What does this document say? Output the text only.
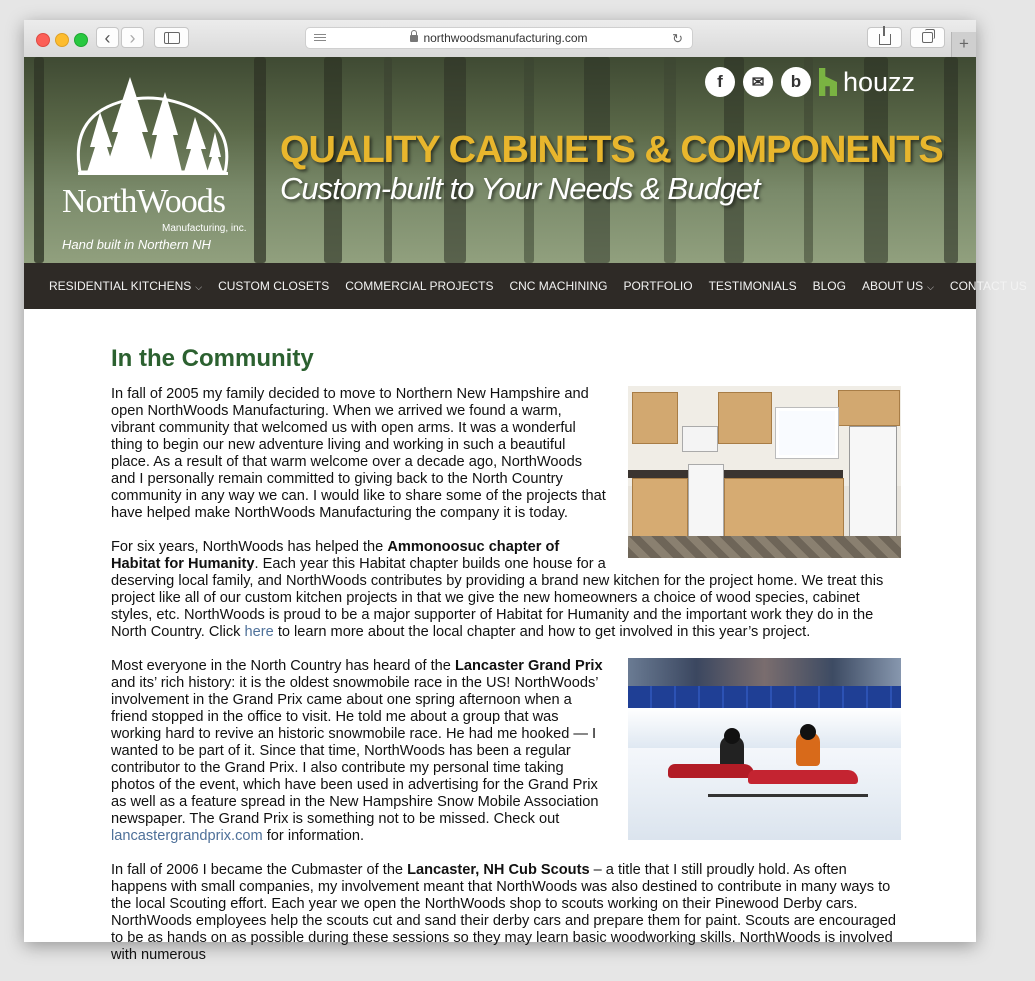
‹ ›	northwoodsmanufacturing.com	↻	+
NorthWoods
Manufacturing, inc.
Hand built in Northern NH
f	✉	b	houzz
QUALITY CABINETS & COMPONENTS
Custom-built to Your Needs & Budget
RESIDENTIAL KITCHENS ⌵	CUSTOM CLOSETS	COMMERCIAL PROJECTS	CNC MACHINING	PORTFOLIO	TESTIMONIALS	BLOG	ABOUT US ⌵	CONTACT US
In the Community

In fall of 2005 my family decided to move to Northern New Hampshire and open NorthWoods Manufacturing. When we arrived we found a warm, vibrant community that welcomed us with open arms. It was a wonderful thing to begin our new adventure living and working in such a beautiful place. As a result of that warm welcome over a decade ago, NorthWoods and I personally remain committed to giving back to the North Country community in any way we can. I would like to share some of the projects that have helped make NorthWoods Manufacturing the company it is today.

For six years, NorthWoods has helped the Ammonoosuc chapter of Habitat for Humanity. Each year this Habitat chapter builds one house for a deserving local family, and NorthWoods contributes by providing a brand new kitchen for the project home. We treat this project like all of our custom kitchen projects in that we give the new homeowners a choice of wood species, cabinet styles, etc. NorthWoods is proud to be a major supporter of Habitat for Humanity and the important work they do in the North Country. Click here to learn more about the local chapter and how to get involved in this year’s project.

Most everyone in the North Country has heard of the Lancaster Grand Prix and its’ rich history: it is the oldest snowmobile race in the US! NorthWoods’ involvement in the Grand Prix came about one spring afternoon when a friend stopped in the office to visit. He told me about a group that was working hard to revive an historic snowmobile race. He had me hooked — I wanted to be part of it. Since that time, NorthWoods has been a regular contributor to the Grand Prix. I also contribute my personal time taking photos of the event, which have been used in advertising for the Grand Prix as well as a feature spread in the New Hampshire Snow Mobile Association newspaper. The Grand Prix is something not to be missed. Check out lancastergrandprix.com for information.

In fall of 2006 I became the Cubmaster of the Lancaster, NH Cub Scouts – a title that I still proudly hold. As often happens with small companies, my involvement meant that NorthWoods was also destined to contribute in many ways to the local Scouting effort. Each year we open the NorthWoods shop to scouts working on their Pinewood Derby cars. NorthWoods employees help the scouts cut and sand their derby cars and prepare them for paint. Scouts are encouraged to be as hands on as possible during these sessions so they may learn basic woodworking skills. NorthWoods is involved with numerous
